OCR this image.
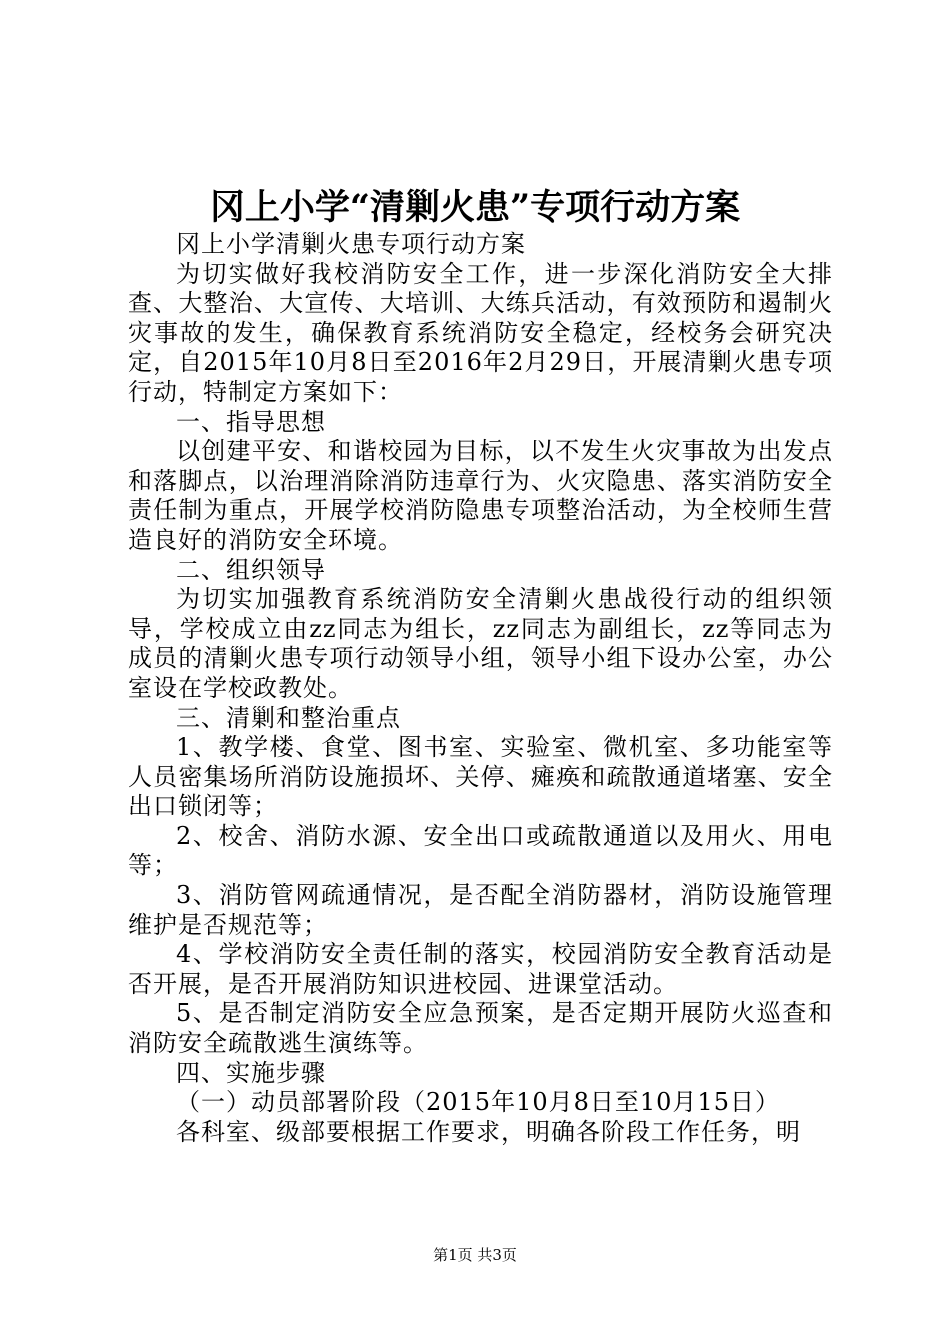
冈上小学“清剿火患”专项行动方案

冈上小学清剿火患专项行动方案

为切实做好我校消防安全工作，进一步深化消防安全大排查、大整治、大宣传、大培训、大练兵活动，有效预防和遏制火灾事故的发生，确保教育系统消防安全稳定，经校务会研究决定，自2015年10月8日至2016年2月29日，开展清剿火患专项行动，特制定方案如下：

一、指导思想

以创建平安、和谐校园为目标，以不发生火灾事故为出发点和落脚点，以治理消除消防违章行为、火灾隐患、落实消防安全责任制为重点，开展学校消防隐患专项整治活动，为全校师生营造良好的消防安全环境。

二、组织领导

为切实加强教育系统消防安全清剿火患战役行动的组织领导，学校成立由zz同志为组长，zz同志为副组长，zz等同志为成员的清剿火患专项行动领导小组，领导小组下设办公室，办公室设在学校政教处。

三、清剿和整治重点

1、教学楼、食堂、图书室、实验室、微机室、多功能室等人员密集场所消防设施损坏、关停、瘫痪和疏散通道堵塞、安全出口锁闭等；

2、校舍、消防水源、安全出口或疏散通道以及用火、用电等；

3、消防管网疏通情况，是否配全消防器材，消防设施管理维护是否规范等；

4、学校消防安全责任制的落实，校园消防安全教育活动是否开展，是否开展消防知识进校园、进课堂活动。

5、是否制定消防安全应急预案，是否定期开展防火巡查和消防安全疏散逃生演练等。

四、实施步骤

（一）动员部署阶段（2015年10月8日至10月15日）

各科室、级部要根据工作要求，明确各阶段工作任务，明

第1页 共3页
